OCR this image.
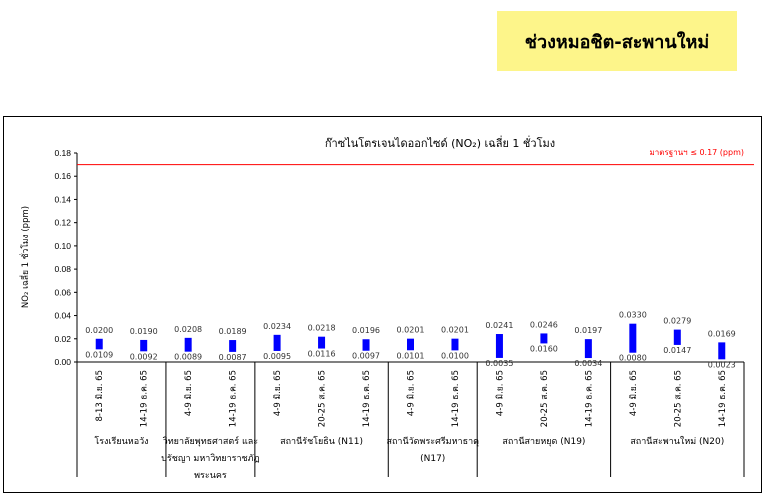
ช่วงหมอชิต-สะพานใหม่
ก๊าซไนโตรเจนไดออกไซด์ (NO₂) เฉลี่ย 1 ชั่วโมง
มาตรฐานฯ ≤ 0.17 (ppm)
NO₂ เฉลี่ย 1 ชั่วโมง (ppm)
0.00
0.02
0.04
0.06
0.08
0.10
0.12
0.14
0.16
0.18
0.0200
0.0109
8-13 มิ.ย. 65
0.0190
0.0092
14-19 ธ.ค. 65
0.0208
0.0089
4-9 มิ.ย. 65
0.0189
0.0087
14-19 ธ.ค. 65
0.0234
0.0095
4-9 มิ.ย. 65
0.0218
0.0116
20-25 ส.ค. 65
0.0196
0.0097
14-19 ธ.ค. 65
0.0201
0.0101
4-9 มิ.ย. 65
0.0201
0.0100
14-19 ธ.ค. 65
0.0241
0.0035
4-9 มิ.ย. 65
0.0246
0.0160
20-25 ส.ค. 65
0.0197
0.0034
14-19 ธ.ค. 65
0.0330
0.0080
4-9 มิ.ย. 65
0.0279
0.0147
20-25 ส.ค. 65
0.0169
0.0023
14-19 ธ.ค. 65
โรงเรียนหอวัง วิทยาลัยพุทธศาสตร์ และ
ปรัชญา มหาวิทยาราชภัฏ
พระนคร
สถานีรัชโยธิน (N11)	สถานีวัดพระศรีมหาธาตุ
(N17)
สถานีสายหยุด (N19)	สถานีสะพานใหม่ (N20)
